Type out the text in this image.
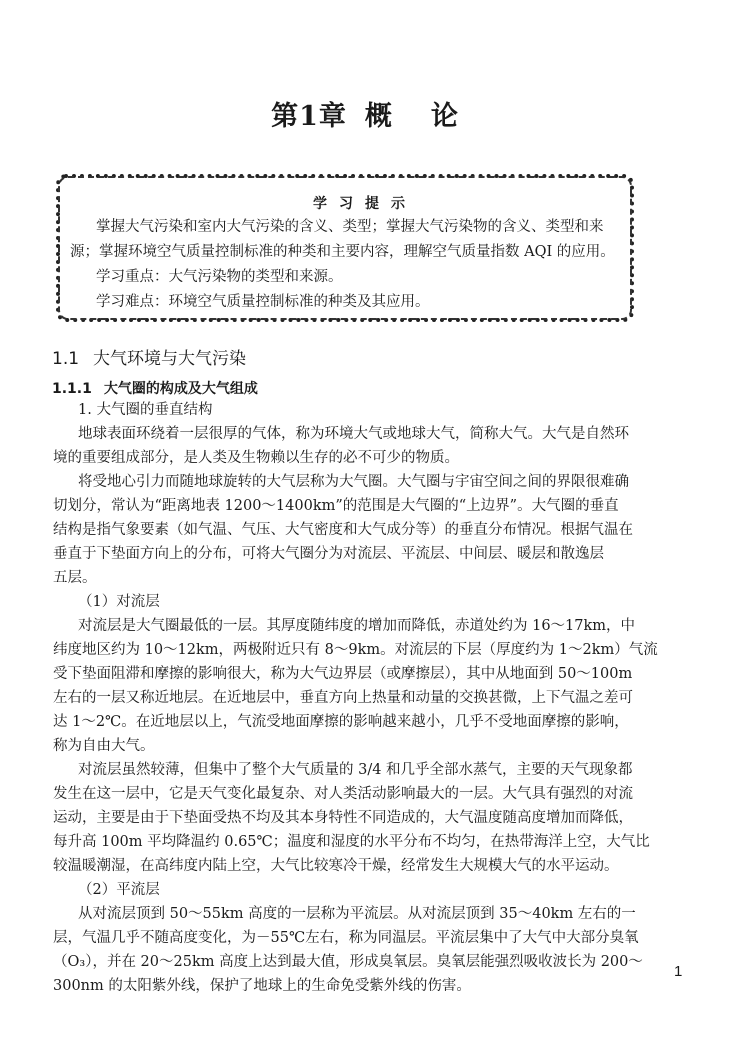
第1章 概 论
学习提示
掌握大气污染和室内大气污染的含义、类型；掌握大气污染物的含义、类型和来
源；掌握环境空气质量控制标准的种类和主要内容，理解空气质量指数 AQI 的应用。
学习重点：大气污染物的类型和来源。
学习难点：环境空气质量控制标准的种类及其应用。
1.1 大气环境与大气污染
1.1.1 大气圈的构成及大气组成
1. 大气圈的垂直结构
地球表面环绕着一层很厚的气体，称为环境大气或地球大气，简称大气。大气是自然环
境的重要组成部分，是人类及生物赖以生存的必不可少的物质。
将受地心引力而随地球旋转的大气层称为大气圈。大气圈与宇宙空间之间的界限很难确
切划分，常认为“距离地表 1200～1400km”的范围是大气圈的“上边界”。大气圈的垂直
结构是指气象要素（如气温、气压、大气密度和大气成分等）的垂直分布情况。根据气温在
垂直于下垫面方向上的分布，可将大气圈分为对流层、平流层、中间层、暖层和散逸层
五层。
（1）对流层
对流层是大气圈最低的一层。其厚度随纬度的增加而降低，赤道处约为 16～17km，中
纬度地区约为 10～12km，两极附近只有 8～9km。对流层的下层（厚度约为 1～2km）气流
受下垫面阻滞和摩擦的影响很大，称为大气边界层（或摩擦层），其中从地面到 50～100m
左右的一层又称近地层。在近地层中，垂直方向上热量和动量的交换甚微，上下气温之差可
达 1～2℃。在近地层以上，气流受地面摩擦的影响越来越小，几乎不受地面摩擦的影响，
称为自由大气。
对流层虽然较薄，但集中了整个大气质量的 3/4 和几乎全部水蒸气，主要的天气现象都
发生在这一层中，它是天气变化最复杂、对人类活动影响最大的一层。大气具有强烈的对流
运动，主要是由于下垫面受热不均及其本身特性不同造成的，大气温度随高度增加而降低，
每升高 100m 平均降温约 0.65℃；温度和湿度的水平分布不均匀，在热带海洋上空，大气比
较温暖潮湿，在高纬度内陆上空，大气比较寒冷干燥，经常发生大规模大气的水平运动。
（2）平流层
从对流层顶到 50～55km 高度的一层称为平流层。从对流层顶到 35～40km 左右的一
层，气温几乎不随高度变化，为－55℃左右，称为同温层。平流层集中了大气中大部分臭氧
（O₃），并在 20～25km 高度上达到最大值，形成臭氧层。臭氧层能强烈吸收波长为 200～
300nm 的太阳紫外线，保护了地球上的生命免受紫外线的伤害。
1
